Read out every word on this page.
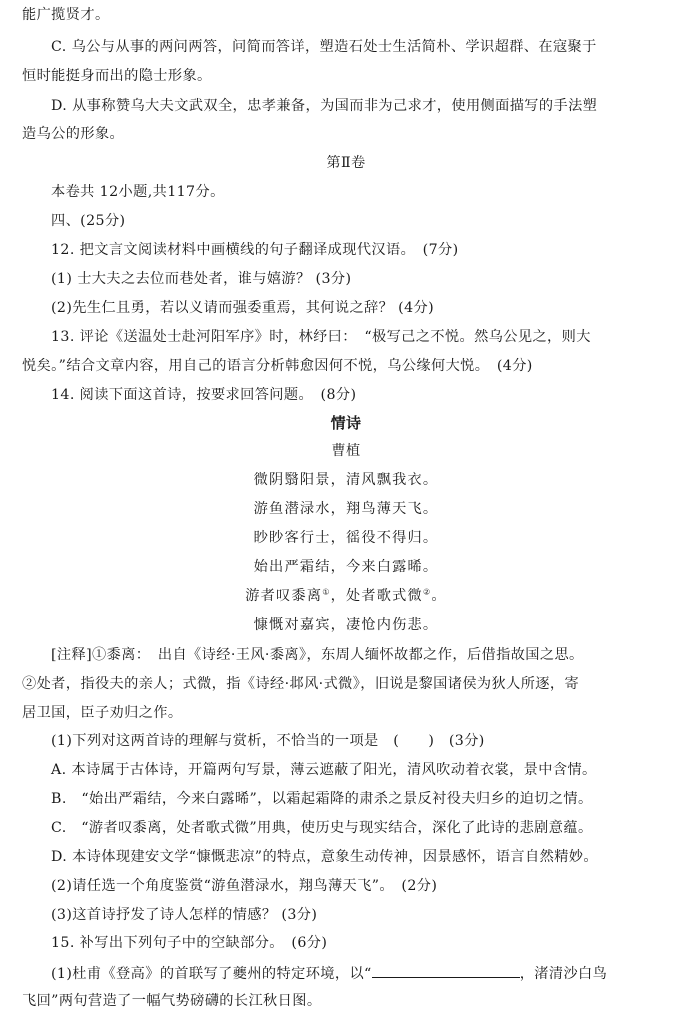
能广揽贤才。

C. 乌公与从事的两问两答，问简而答详，塑造石处士生活简朴、学识超群、在寇聚于

恒时能挺身而出的隐士形象。

D. 从事称赞乌大夫文武双全，忠孝兼备，为国而非为己求才，使用侧面描写的手法塑

造乌公的形象。

第Ⅱ卷

本卷共 12小题,共117分。

四、(25分)

12. 把文言文阅读材料中画横线的句子翻译成现代汉语。　(7分)

(1) 士大夫之去位而巷处者，谁与嬉游？ (3分)

(2)先生仁且勇，若以义请而强委重焉，其何说之辞？ (4分)

13. 评论《送温处士赴河阳军序》时，林纾曰：　“极写己之不悦。然乌公见之，则大

悦矣。”结合文章内容，用自己的语言分析韩愈因何不悦，乌公缘何大悦。　(4分)

14. 阅读下面这首诗，按要求回答问题。　(8分)

情诗

曹植

微阴翳阳景，清风飘我衣。

游鱼潜渌水，翔鸟薄天飞。

眇眇客行士，徭役不得归。

始出严霜结，今来白露晞。

游者叹黍离①，处者歌式微②。

慷慨对嘉宾，凄怆内伤悲。

[注释]①黍离：　出自《诗经·王风·黍离》，东周人缅怀故都之作，后借指故国之思。

②处者，指役夫的亲人；式微，指《诗经·邶风·式微》，旧说是黎国诸侯为狄人所逐，寄

居卫国，臣子劝归之作。

(1)下列对这两首诗的理解与赏析，不恰当的一项是　(　　)　(3分)

A. 本诗属于古体诗，开篇两句写景，薄云遮蔽了阳光，清风吹动着衣裳，景中含情。

B.　“始出严霜结，今来白露晞”，以霜起霜降的肃杀之景反衬役夫归乡的迫切之情。

C.　“游者叹黍离，处者歌式微”用典，使历史与现实结合，深化了此诗的悲剧意蕴。

D. 本诗体现建安文学“慷慨悲凉”的特点，意象生动传神，因景感怀，语言自然精妙。

(2)请任选一个角度鉴赏“游鱼潜渌水，翔鸟薄天飞”。　(2分)

(3)这首诗抒发了诗人怎样的情感？ (3分)

15. 补写出下列句子中的空缺部分。　(6分)

(1)杜甫《登高》的首联写了夔州的特定环境，以“	，渚清沙白鸟

飞回”两句营造了一幅气势磅礴的长江秋日图。
